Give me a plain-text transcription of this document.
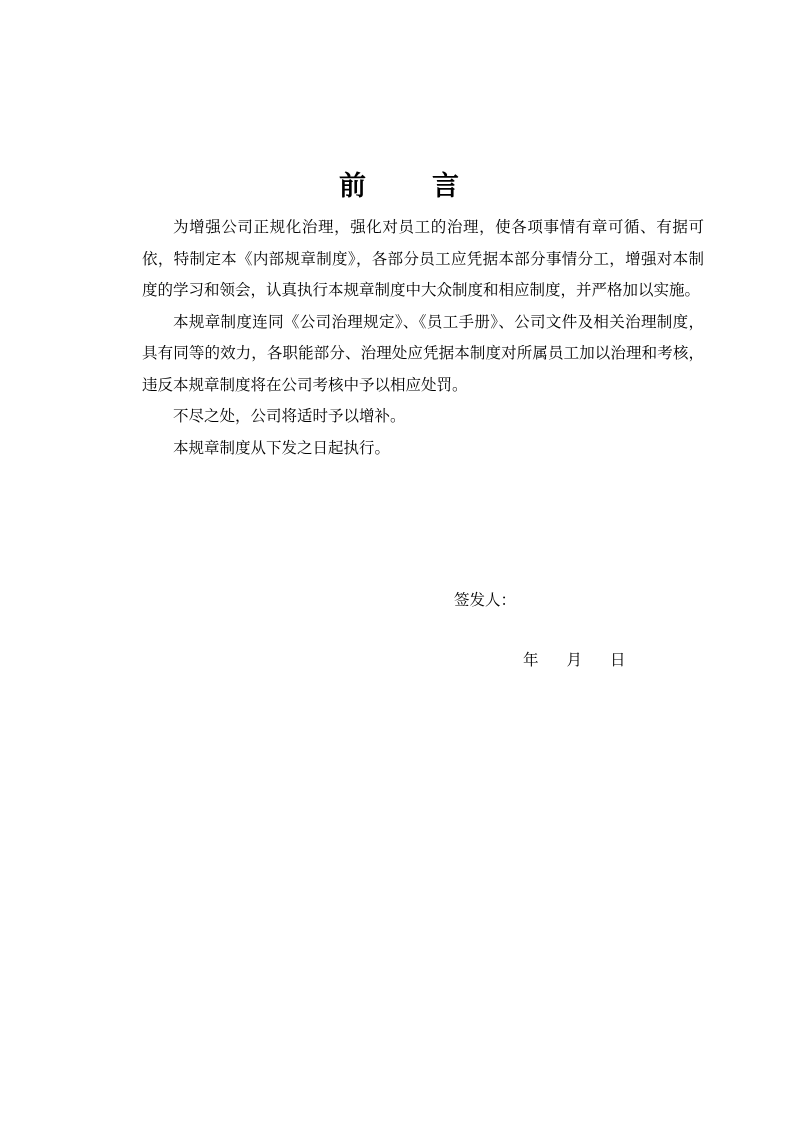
前 言

为增强公司正规化治理，强化对员工的治理，使各项事情有章可循、有据可依，特制定本《内部规章制度》，各部分员工应凭据本部分事情分工，增强对本制度的学习和领会，认真执行本规章制度中大众制度和相应制度，并严格加以实施。

本规章制度连同《公司治理规定》、《员工手册》、公司文件及相关治理制度，具有同等的效力，各职能部分、治理处应凭据本制度对所属员工加以治理和考核，违反本规章制度将在公司考核中予以相应处罚。

不尽之处，公司将适时予以增补。

本规章制度从下发之日起执行。

签发人：

年 月 日
